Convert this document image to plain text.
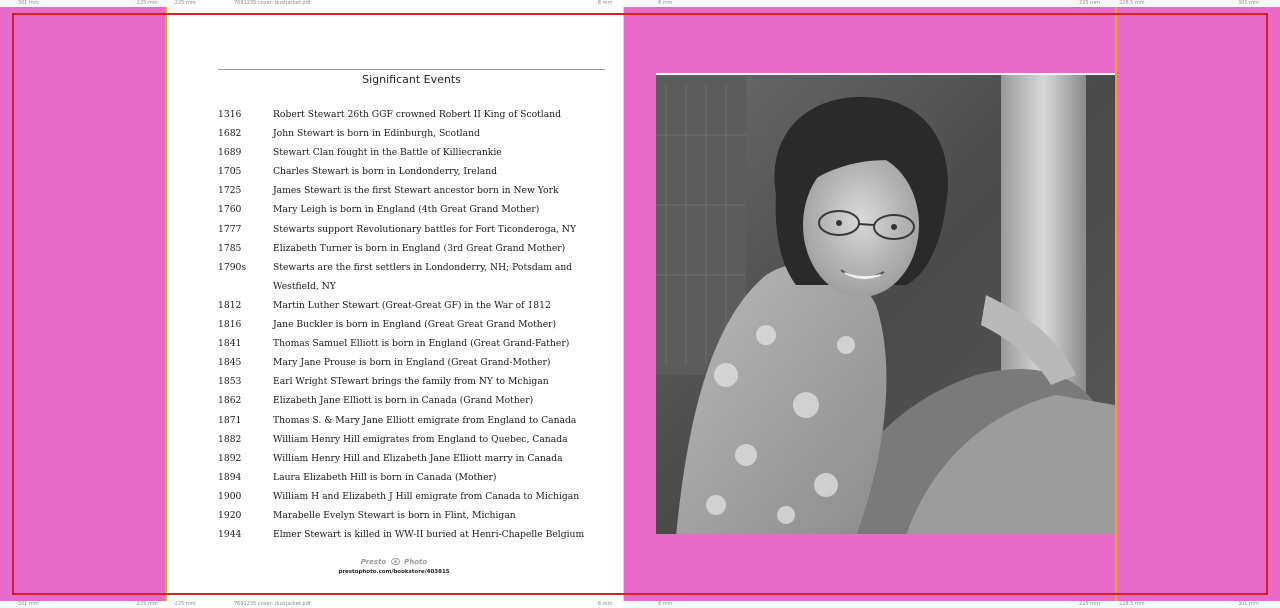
-301 mm	-225 mm	-225 mm	7691235 cover: dustjacket.pdf	-8 mm	8 mm	225 mm	228.5 mm	301 mm
Significant Events
1316	Robert Stewart 26th GGF crowned Robert II King of Scotland
1682	John Stewart is born in Edinburgh, Scotland
1689	Stewart Clan fought in the Battle of Killiecrankie
1705	Charles Stewart is born in Londonderry, Ireland
1725	James Stewart is the first Stewart ancestor born in New York
1760	Mary Leigh is born in England (4th Great Grand Mother)
1777	Stewarts support Revolutionary battles for Fort Ticonderoga, NY
1785	Elizabeth Turner is born in England (3rd Great Grand Mother)
1790s	Stewarts are the first settlers in Londonderry, NH; Potsdam and
Westfield, NY
1812	Martin Luther Stewart (Great-Great GF) in the War of 1812
1816	Jane Buckler is born in England (Great Great Grand Mother)
1841	Thomas Samuel Elliott is born in England (Great Grand-Father)
1845	Mary Jane Prouse is born in England (Great Grand-Mother)
1853	Earl Wright STewart brings the family from NY to Mchigan
1862	Elizabeth Jane Elliott is born in Canada (Grand Mother)
1871	Thomas S. & Mary Jane Elliott emigrate from England to Canada
1882	William Henry Hill emigrates from England to Quebec, Canada
1892	William Henry Hill and Elizabeth Jane Elliott marry in Canada
1894	Laura Elizabeth Hill is born in Canada (Mother)
1900	William H and Elizabeth J Hill emigrate from Canada to Michigan
1920	Marabelle Evelyn Stewart is born in Flint, Michigan
1944	Elmer Stewart is killed in WW-II buried at Henri-Chapelle Belgium
Presto	Photo
prestophoto.com/bookstore/403815
-301 mm	-225 mm	-225 mm	7691235 cover: dustjacket.pdf	-8 mm	8 mm	225 mm	228.5 mm	301 mm
